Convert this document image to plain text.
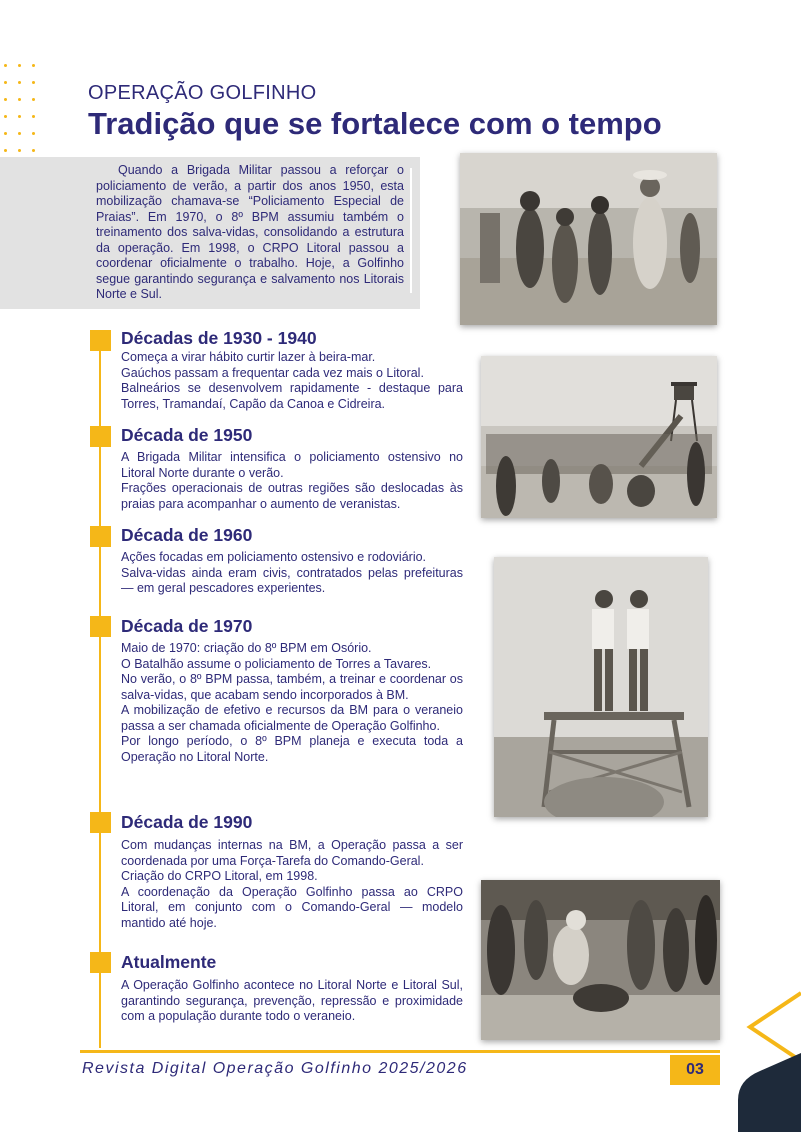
OPERAÇÃO GOLFINHO
Tradição que se fortalece com o tempo
Quando a Brigada Militar passou a reforçar o policiamento de verão, a partir dos anos 1950, esta mobilização chamava-se “Policiamento Especial de Praias”. Em 1970, o 8º BPM assumiu também o treinamento dos salva-vidas, consolidando a estrutura da operação. Em 1998, o CRPO Litoral passou a coordenar oficialmente o trabalho. Hoje, a Golfinho segue garantindo segurança e salvamento nos Litorais Norte e Sul.
Décadas de 1930 - 1940

Começa a virar hábito curtir lazer à beira-mar.

Gaúchos passam a frequentar cada vez mais o Litoral.

Balneários se desenvolvem rapidamente - destaque para Torres, Tramandaí, Capão da Canoa e Cidreira.

Década de 1950

A Brigada Militar intensifica o policiamento ostensivo no Litoral Norte durante o verão.

Frações operacionais de outras regiões são deslocadas às praias para acompanhar o aumento de veranistas.

Década de 1960

Ações focadas em policiamento ostensivo e rodoviário.

Salva-vidas ainda eram civis, contratados pelas prefeituras — em geral pescadores experientes.

Década de 1970

Maio de 1970: criação do 8º BPM em Osório.

O Batalhão assume o policiamento de Torres a Tavares.

No verão, o 8º BPM passa, também, a treinar e coordenar os salva-vidas, que acabam sendo incorporados à BM.

A mobilização de efetivo e recursos da BM para o veraneio passa a ser chamada oficialmente de Operação Golfinho.

Por longo período, o 8º BPM planeja e executa toda a Operação no Litoral Norte.

Década de 1990

Com mudanças internas na BM, a Operação passa a ser coordenada por uma Força-Tarefa do Comando-Geral.

Criação do CRPO Litoral, em 1998.

A coordenação da Operação Golfinho passa ao CRPO Litoral, em conjunto com o Comando-Geral — modelo mantido até hoje.

Atualmente

A Operação Golfinho acontece no Litoral Norte e Litoral Sul, garantindo segurança, prevenção, repressão e proximidade com a população durante todo o veraneio.

Revista Digital Operação Golfinho 2025/2026	03
